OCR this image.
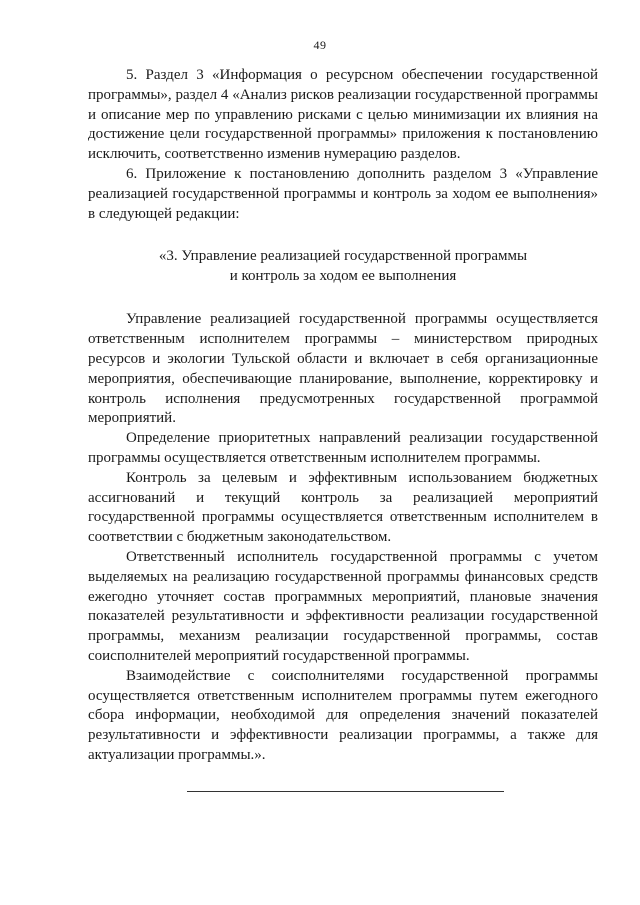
49

5. Раздел 3 «Информация о ресурсном обеспечении государственной программы», раздел 4 «Анализ рисков реализации государственной программы и описание мер по управлению рисками с целью минимизации их влияния на достижение цели государственной программы» приложения к постановлению исключить, соответственно изменив нумерацию разделов.

6. Приложение к постановлению дополнить разделом 3 «Управление реализацией государственной программы и контроль за ходом ее выполнения» в следующей редакции:

«3. Управление реализацией государственной программы
и контроль за ходом ее выполнения

Управление реализацией государственной программы осуществляется ответственным исполнителем программы – министерством природных ресурсов и экологии Тульской области и включает в себя организационные мероприятия, обеспечивающие планирование, выполнение, корректировку и контроль исполнения предусмотренных государственной программой мероприятий.

Определение приоритетных направлений реализации государственной программы осуществляется ответственным исполнителем программы.

Контроль за целевым и эффективным использованием бюджетных ассигнований и текущий контроль за реализацией мероприятий государственной программы осуществляется ответственным исполнителем в соответствии с бюджетным законодательством.

Ответственный исполнитель государственной программы с учетом выделяемых на реализацию государственной программы финансовых средств ежегодно уточняет состав программных мероприятий, плановые значения показателей результативности и эффективности реализации государственной программы, механизм реализации государственной программы, состав соисполнителей мероприятий государственной программы.

Взаимодействие с соисполнителями государственной программы осуществляется ответственным исполнителем программы путем ежегодного сбора информации, необходимой для определения значений показателей результативности и эффективности реализации программы, а также для актуализации программы.».
